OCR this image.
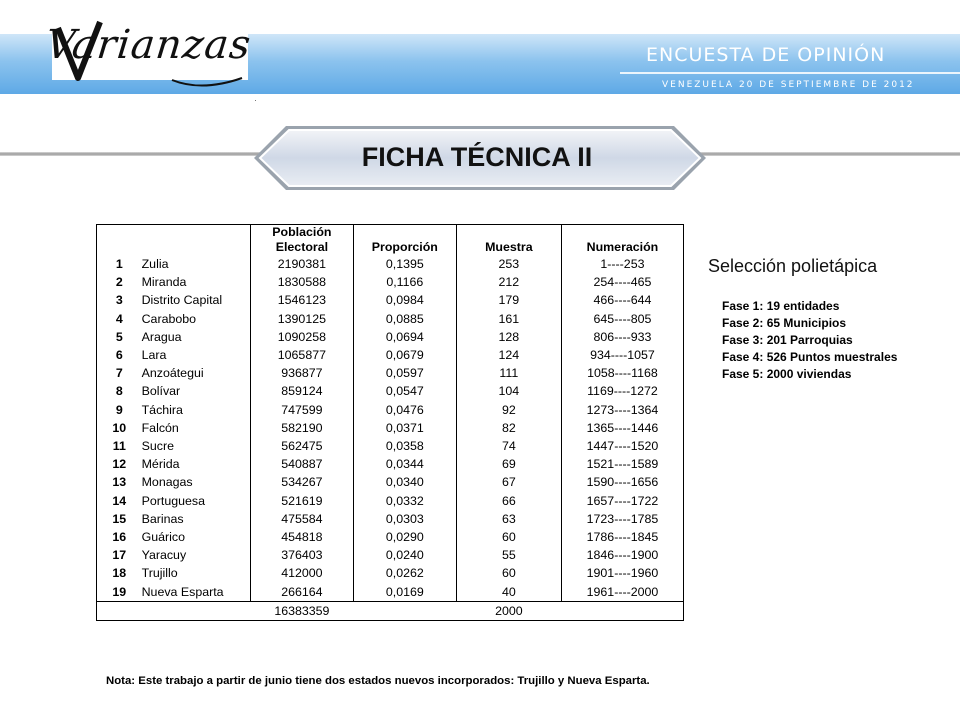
Varianzas	ENCUESTA DE OPINIÓN
VENEZUELA 20 DE SEPTIEMBRE DE 2012
FICHA TÉCNICA II
		Población
Electoral	Proporción	Muestra	Numeración
1	Zulia	2190381	0,1395	253	1----253
2	Miranda	1830588	0,1166	212	254----465
3	Distrito Capital	1546123	0,0984	179	466----644
4	Carabobo	1390125	0,0885	161	645----805
5	Aragua	1090258	0,0694	128	806----933
6	Lara	1065877	0,0679	124	934----1057
7	Anzoátegui	936877	0,0597	111	1058----1168
8	Bolívar	859124	0,0547	104	1169----1272
9	Táchira	747599	0,0476	92	1273----1364
10	Falcón	582190	0,0371	82	1365----1446
11	Sucre	562475	0,0358	74	1447----1520
12	Mérida	540887	0,0344	69	1521----1589
13	Monagas	534267	0,0340	67	1590----1656
14	Portuguesa	521619	0,0332	66	1657----1722
15	Barinas	475584	0,0303	63	1723----1785
16	Guárico	454818	0,0290	60	1786----1845
17	Yaracuy	376403	0,0240	55	1846----1900
18	Trujillo	412000	0,0262	60	1901----1960
19	Nueva Esparta	266164	0,0169	40	1961----2000
		16383359		2000	
Selección polietápica
Fase 1: 19 entidades
Fase 2: 65 Municipios
Fase 3: 201 Parroquias
Fase 4: 526 Puntos muestrales
Fase 5: 2000 viviendas
Nota: Este trabajo a partir de junio tiene dos estados nuevos incorporados: Trujillo y Nueva Esparta.
